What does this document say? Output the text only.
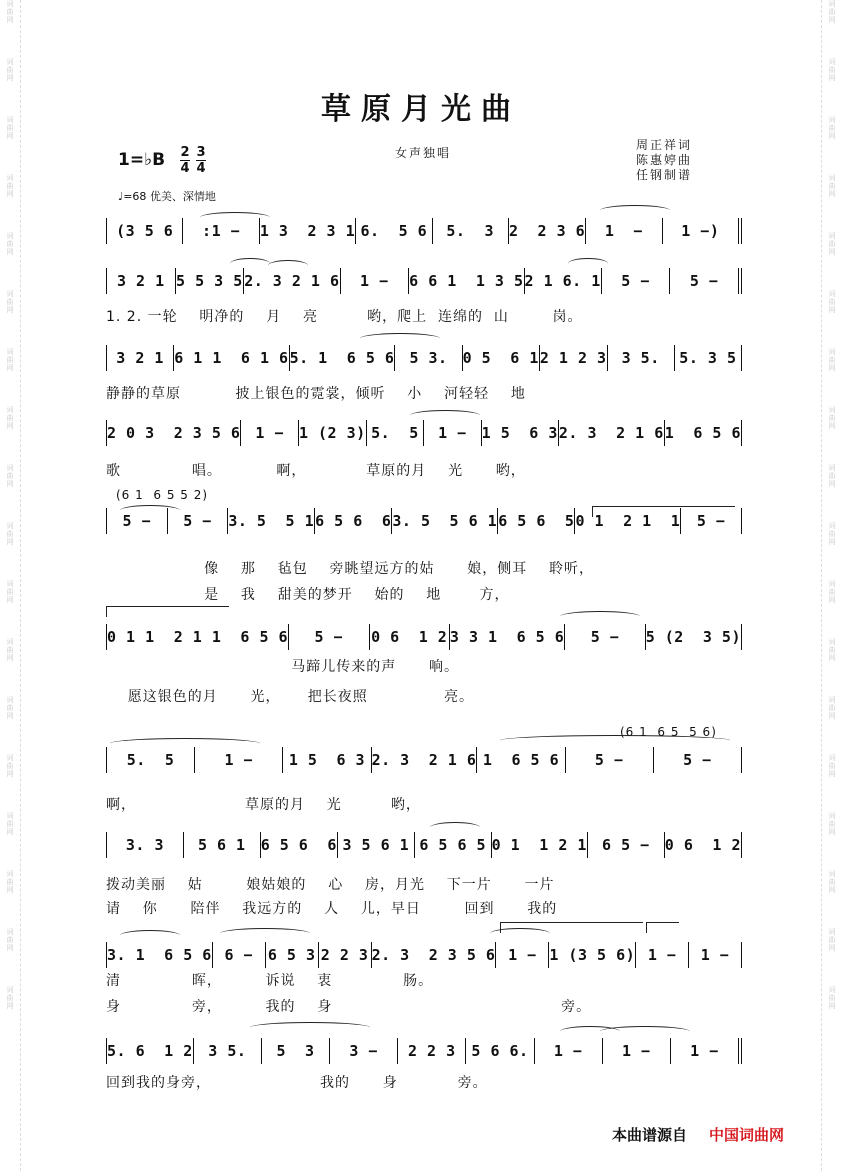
词
曲
网
词
曲
网
词
曲
网
词
曲
网
词
曲
网
词
曲
网
词
曲
网
词
曲
网
词
曲
网
词
曲
网
词
曲
网
词
曲
网
词
曲
网
词
曲
网
词
曲
网
词
曲
网
词
曲
网
词
曲
网
词
曲
网
词
曲
网
词
曲
网
词
曲
网
词
曲
网
词
曲
网
词
曲
网
词
曲
网
词
曲
网
词
曲
网
词
曲
网
词
曲
网
词
曲
网
词
曲
网
词
曲
网
词
曲
网
词
曲
网
词
曲
网
草原月光曲
女声独唱
周正祥词
陈惠婷曲
任钢制谱
1=♭B $\frac{2}{4} \frac{3}{4}$
♩=68 优美、深情地
(3 5 6	:1 −	1 3  2 3 1 6.  5 6	5.  3 2  2 3 6	1  −	1 −)
3 2 1 5 5 3 5 2. 3 2 1 6	1 −	6 6 1  1 3 5 2 1 6. 1	5 −	5 −
1. 2. 一轮    明净的    月    亮         哟，爬上  连绵的  山        岗。
3 2 1 6 1 1  6 1 6 5. 1  6 5 6	5 3.	0 5  6 1 2 1 2 3	3 5.	5. 3 5
静静的草原          披上银色的霓裳，倾听    小    河轻轻    地
2 0 3  2 3 5 6 1 − 1 (2 3) 5.  5	1 − 1 5  6 3 2. 3  2 1 6 1  6 5 6
歌             唱。          啊，           草原的月    光      哟，
(6 1  6 5 5 2)
5 −	5 −	3. 5  5 1 6 5 6  6 3. 5  5 6 1 6 5 6  5 0 1  2 1  1	5 −
像    那    毡包    旁眺望远方的姑      娘，侧耳    聆听，
是    我    甜美的梦开    始的    地       方，
0 1 1  2 1 1  6 5 6	5 −	0 6  1 2 3 3 1  6 5 6	5 −	5 (2  3 5)
马蹄儿传来的声      响。
愿这银色的月      光，     把长夜照              亮。
(6 1  6 5  5 6)
5.  5	1 −	1 5  6 3 2. 3  2 1 6 1  6 5 6	5 −	5 −
啊，                    草原的月    光         哟，
3. 3	5 6 1	6 5 6  6 3 5 6 1 6 5 6 5 0 1  1 2 1	6 5 −	0 6  1 2
拨动美丽    姑        娘姑娘的    心    房，月光    下一片      一片
请    你      陪伴    我远方的    人    儿，早日        回到      我的
3. 1  6 5 6 6 − 6 5 3 2 2 3 2. 3  2 3 5 6 1 − 1 (3 5 6) 1 −	1 −
清             晖，        诉说    衷             肠。
身             旁，        我的    身                                          旁。
5. 6  1 2	3 5.	5  3	3 −	2 2 3	5 6 6.	1 −	1 −	1 −
回到我的身旁，                    我的      身           旁。
本曲谱源自 中国词曲网
